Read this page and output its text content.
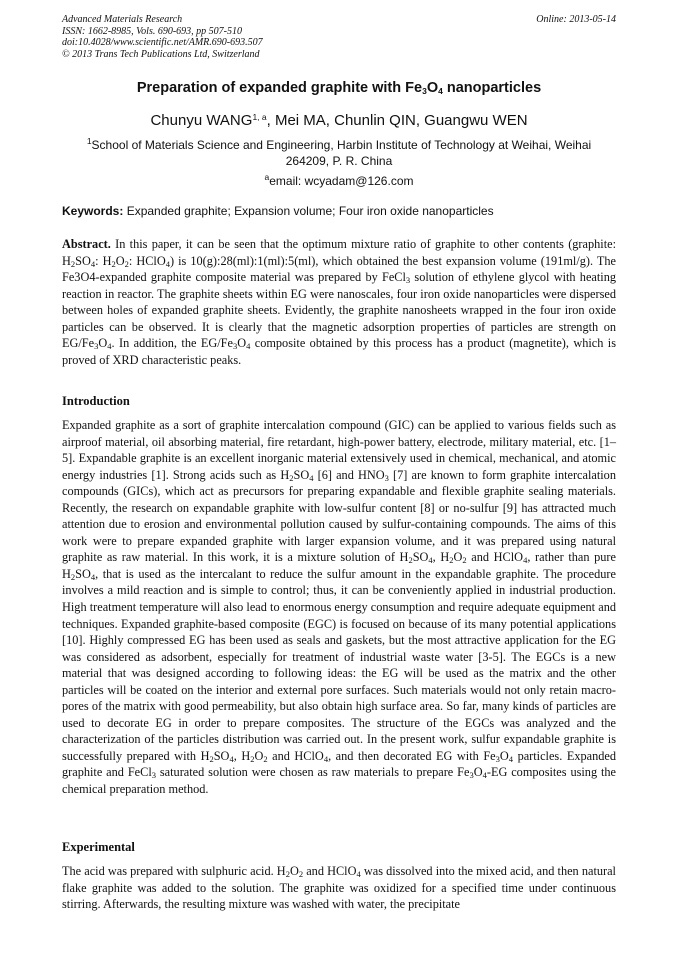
Advanced Materials Research
ISSN: 1662-8985, Vols. 690-693, pp 507-510
doi:10.4028/www.scientific.net/AMR.690-693.507
© 2013 Trans Tech Publications Ltd, Switzerland
Online: 2013-05-14
Preparation of expanded graphite with $Fe_3O_4$ nanoparticles
Chunyu WANG$^{1, a}$, Mei MA, Chunlin QIN, Guangwu WEN
$^1$School of Materials Science and Engineering, Harbin Institute of Technology at Weihai, Weihai
264209, P. R. China
$^a$email: wcyadam@126.com
Keywords: Expanded graphite; Expansion volume; Four iron oxide nanoparticles

Abstract. In this paper, it can be seen that the optimum mixture ratio of graphite to other contents (graphite: $H_2SO_4$: $H_2O_2$: HClO$_4$) is 10(g):28(ml):1(ml):5(ml), which obtained the best expansion volume (191ml/g). The Fe3O4-expanded graphite composite material was prepared by FeCl$_3$ solution of ethylene glycol with heating reaction in reactor. The graphite sheets within EG were nanoscales, four iron oxide nanoparticles were dispersed between holes of expanded graphite sheets. Evidently, the graphite nanosheets wrapped in the four iron oxide particles can be observed. It is clearly that the magnetic adsorption properties of particles are strength on $EG/Fe_3O_4$. In addition, the $EG/Fe_3O_4$ composite obtained by this process has a product (magnetite), which is proved of XRD characteristic peaks.

Introduction

Expanded graphite as a sort of graphite intercalation compound (GIC) can be applied to various fields such as airproof material, oil absorbing material, fire retardant, high-power battery, electrode, military material, etc. [1–5]. Expandable graphite is an excellent inorganic material extensively used in chemical, mechanical, and atomic energy industries [1]. Strong acids such as $H_2SO_4$ [6] and $HNO_3$ [7] are known to form graphite intercalation compounds (GICs), which act as precursors for preparing expandable and flexible graphite sealing materials. Recently, the research on expandable graphite with low-sulfur content [8] or no-sulfur [9] has attracted much attention due to erosion and environmental pollution caused by sulfur-containing compounds. The aims of this work were to prepare expanded graphite with larger expansion volume, and it was prepared using natural graphite as raw material. In this work, it is a mixture solution of $H_2SO_4$, $H_2O_2$ and HClO$_4$, rather than pure $H_2SO_4$, that is used as the intercalant to reduce the sulfur amount in the expandable graphite. The procedure involves a mild reaction and is simple to control; thus, it can be conveniently applied in industrial production. High treatment temperature will also lead to enormous energy consumption and require adequate equipment and techniques. Expanded graphite-based composite (EGC) is focused on because of its many potential applications [10]. Highly compressed EG has been used as seals and gaskets, but the most attractive application for the EG was considered as adsorbent, especially for treatment of industrial waste water [3-5]. The EGCs is a new material that was designed according to following ideas: the EG will be used as the matrix and the other particles will be coated on the interior and external pore surfaces. Such materials would not only retain macro-pores of the matrix with good permeability, but also obtain high surface area. So far, many kinds of particles are used to decorate EG in order to prepare composites. The structure of the EGCs was analyzed and the characterization of the particles distribution was carried out. In the present work, sulfur expandable graphite is successfully prepared with $H_2SO_4$, $H_2O_2$ and HClO$_4$, and then decorated EG with $Fe_3O_4$ particles. Expanded graphite and FeCl$_3$ saturated solution were chosen as raw materials to prepare $Fe_3O_4-EG$ composites using the chemical preparation method.

Experimental

The acid was prepared with sulphuric acid. $H_2O_2$ and HClO$_4$ was dissolved into the mixed acid, and then natural flake graphite was added to the solution. The graphite was oxidized for a specified time under continuous stirring. Afterwards, the resulting mixture was washed with water, the precipitate
